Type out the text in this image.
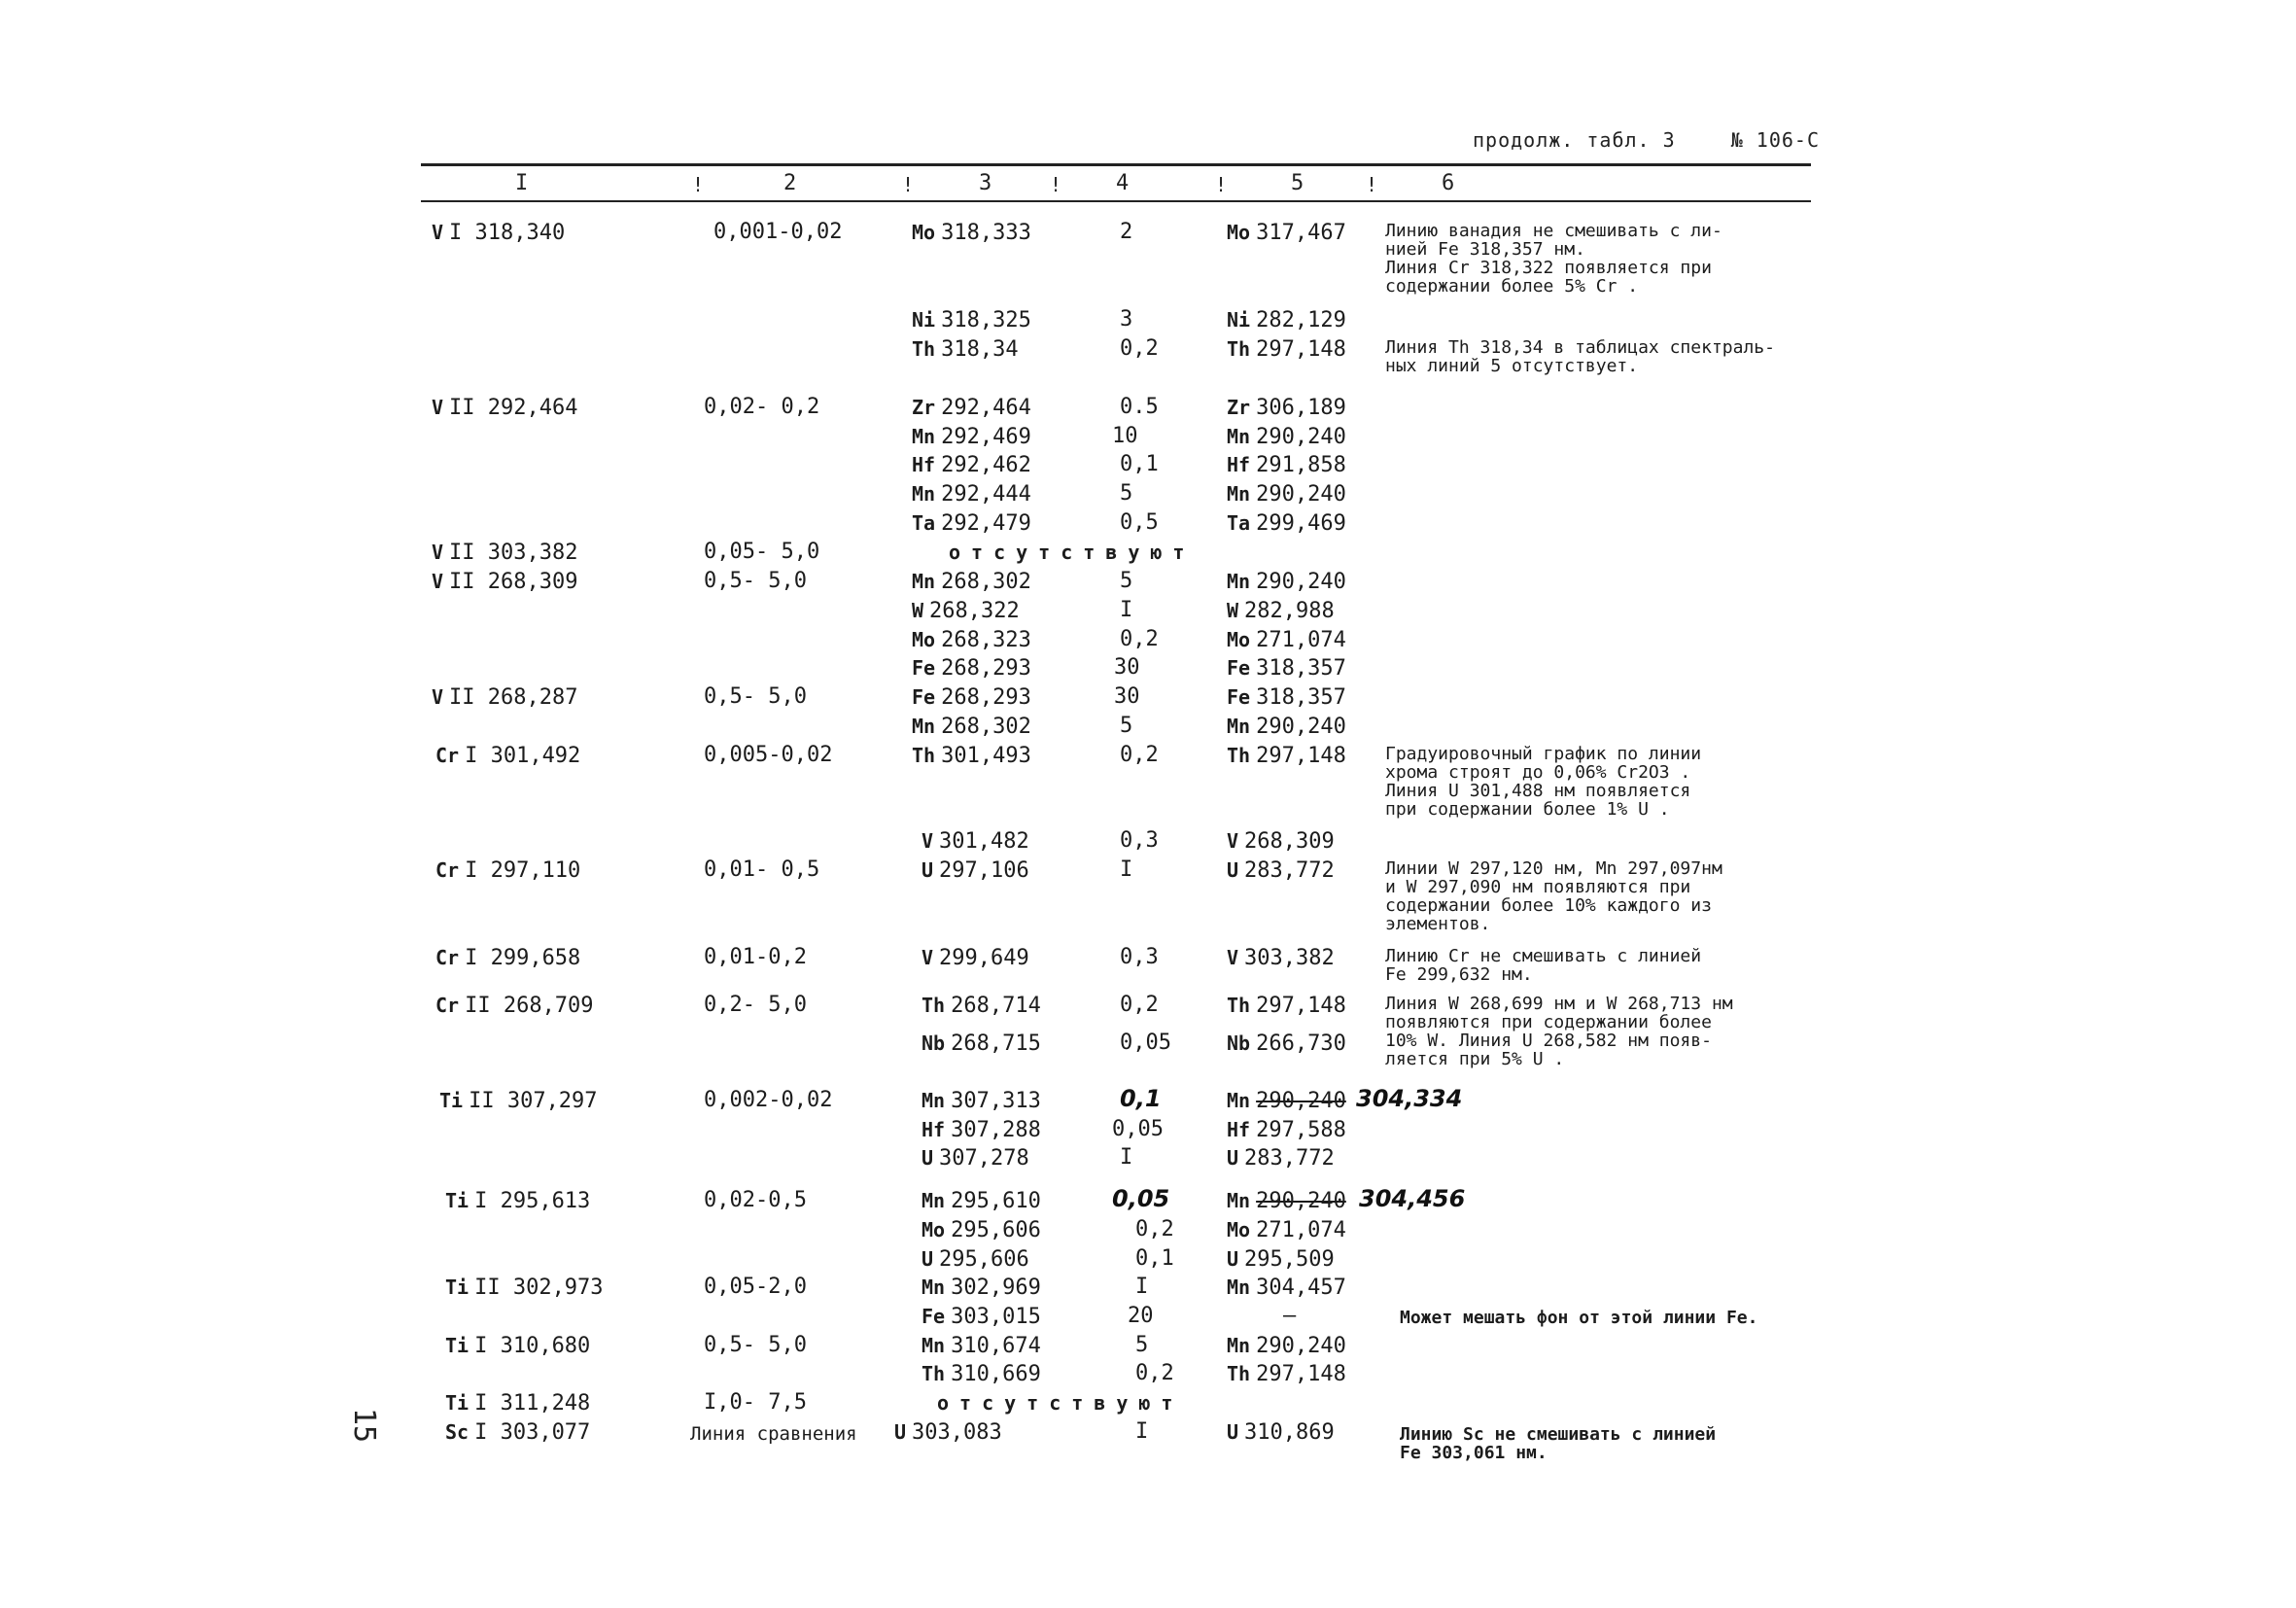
продолж. табл. 3	№ 106-С
I	!	2	!	3	!	4	!	5	!	6
V I 318,340	0,001-0,02	Mo 318,333	2	Mo 317,467 Линию ванадия не смешивать с ли-
нией Fe 318,357 нм.
Линия Cr 318,322 появляется при
содержании более 5% Cr .
Ni 318,325	3	Ni 282,129
Th 318,34	0,2	Th 297,148 Линия Th 318,34 в таблицах спектраль-
ных линий 5 отсутствует.
V II 292,464	0,02- 0,2	Zr 292,464	0.5	Zr 306,189
Mn 292,469	10	Mn 290,240
Hf 292,462	0,1	Hf 291,858
Mn 292,444	5	Mn 290,240
Ta 292,479	0,5	Ta 299,469
V II 303,382	0,05- 5,0	отсутствуют
V II 268,309	0,5- 5,0	Mn 268,302	5	Mn 290,240
W 268,322	I	W 282,988
Mo 268,323	0,2	Mo 271,074
Fe 268,293	30	Fe 318,357
V II 268,287	0,5- 5,0	Fe 268,293	30	Fe 318,357
Mn 268,302	5	Mn 290,240
Cr I 301,492	0,005-0,02	Th 301,493	0,2	Th 297,148 Градуировочный график по линии
хрома строят до 0,06% Cr2O3 .
Линия U 301,488 нм появляется
при содержании более 1% U .
V 301,482	0,3	V 268,309
Cr I 297,110	0,01- 0,5	U 297,106	I	U 283,772	Линии W 297,120 нм, Mn 297,097нм
и W 297,090 нм появляются при
содержании более 10% каждого из
элементов.
Cr I 299,658	0,01-0,2	V 299,649	0,3	V 303,382	Линию Cr не смешивать с линией
Fe 299,632 нм.
Cr II 268,709	0,2- 5,0	Th 268,714	0,2	Th 297,148 Линия W 268,699 нм и W 268,713 нм
появляются при содержании более
10% W. Линия U 268,582 нм появ-
ляется при 5% U .
Nb 268,715	0,05	Nb 266,730
Ti II 307,297	0,002-0,02	Mn 307,313	0,1	Mn 290,240 304,334
Hf 307,288	0,05	Hf 297,588
U 307,278	I	U 283,772
Ti I 295,613	0,02-0,5	Mn 295,610	0,05	Mn 290,240 304,456
Mo 295,606	0,2	Mo 271,074
U 295,606	0,1	U 295,509
Ti II 302,973	0,05-2,0	Mn 302,969	I	Mn 304,457
Fe 303,015	20	–	Может мешать фон от этой линии Fe.
Ti I 310,680	0,5- 5,0	Mn 310,674	5	Mn 290,240
Th 310,669	0,2	Th 297,148
Ti I 311,248	I,0- 7,5	отсутствуют
Sc I 303,077	Линия сравнения U 303,083	I	U 310,869	Линию Sc не смешивать с линией
Fe 303,061 нм.
15
